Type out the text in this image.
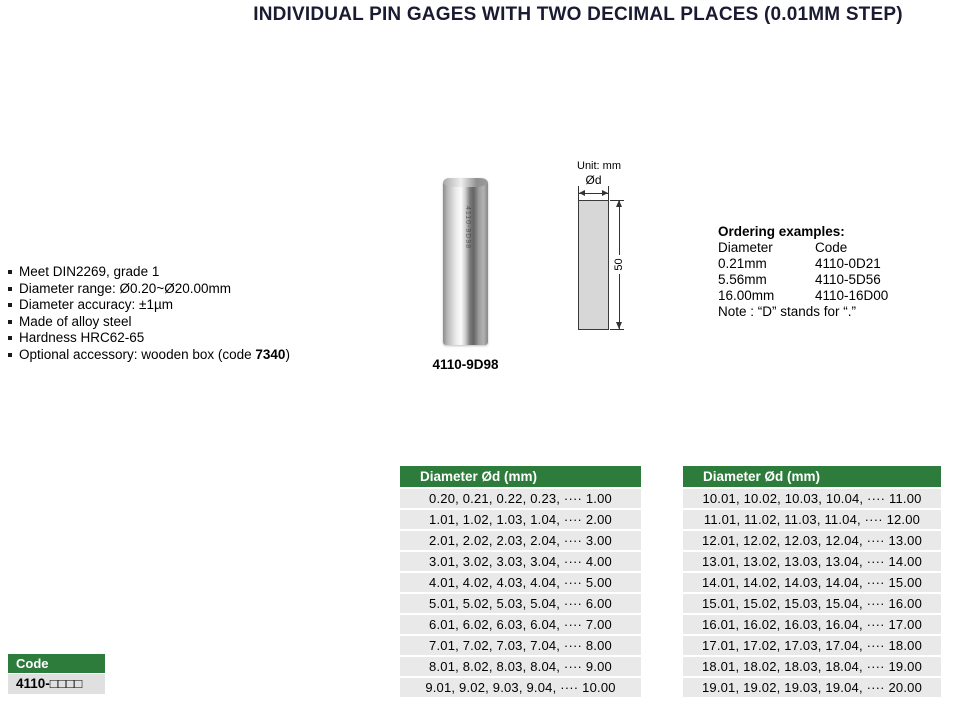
INDIVIDUAL PIN GAGES WITH TWO DECIMAL PLACES (0.01MM STEP)
Meet DIN2269, grade 1
Diameter range: Ø0.20~Ø20.00mm
Diameter accuracy: ±1µm
Made of alloy steel
Hardness HRC62-65
Optional accessory: wooden box (code 7340)
4110-9D98
4110-9D98
Unit: mm
Ød
50
Ordering examples:
Diameter	Code
0.21mm	4110-0D21
5.56mm	4110-5D56
16.00mm	4110-16D00
Note : “D” stands for “.”
Code
4110-□□□□
Diameter Ød (mm)
0.20, 0.21, 0.22, 0.23, ···· 1.00
1.01, 1.02, 1.03, 1.04, ···· 2.00
2.01, 2.02, 2.03, 2.04, ···· 3.00
3.01, 3.02, 3.03, 3.04, ···· 4.00
4.01, 4.02, 4.03, 4.04, ···· 5.00
5.01, 5.02, 5.03, 5.04, ···· 6.00
6.01, 6.02, 6.03, 6.04, ···· 7.00
7.01, 7.02, 7.03, 7.04, ···· 8.00
8.01, 8.02, 8.03, 8.04, ···· 9.00
9.01, 9.02, 9.03, 9.04, ···· 10.00
Diameter Ød (mm)
10.01, 10.02, 10.03, 10.04, ···· 11.00
11.01, 11.02, 11.03, 11.04, ···· 12.00
12.01, 12.02, 12.03, 12.04, ···· 13.00
13.01, 13.02, 13.03, 13.04, ···· 14.00
14.01, 14.02, 14.03, 14.04, ···· 15.00
15.01, 15.02, 15.03, 15.04, ···· 16.00
16.01, 16.02, 16.03, 16.04, ···· 17.00
17.01, 17.02, 17.03, 17.04, ···· 18.00
18.01, 18.02, 18.03, 18.04, ···· 19.00
19.01, 19.02, 19.03, 19.04, ···· 20.00
